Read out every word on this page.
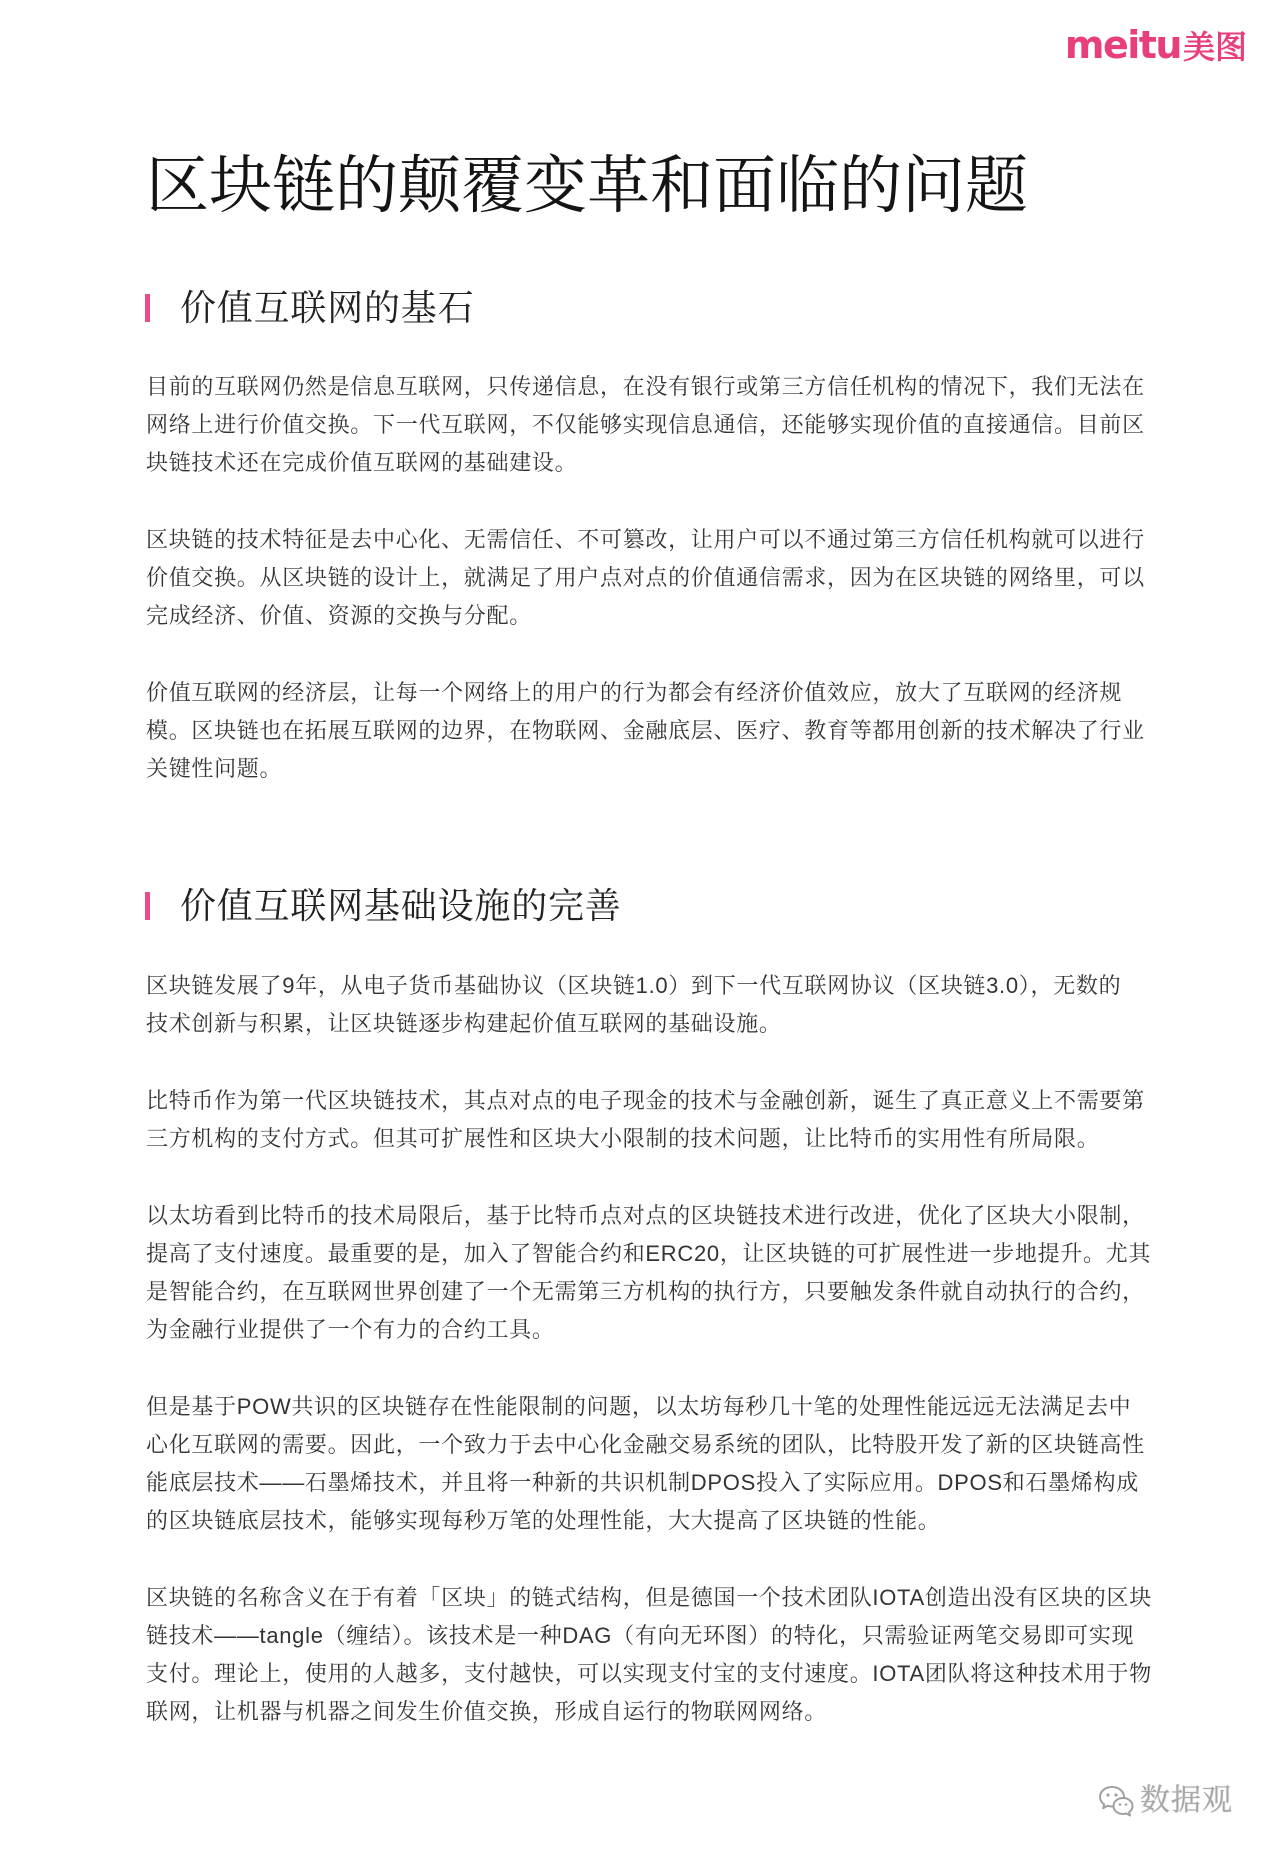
meitu 美图
区块链的颠覆变革和面临的问题
价值互联网的基石
目前的互联网仍然是信息互联网，只传递信息，在没有银行或第三方信任机构的情况下，我们无法在
网络上进行价值交换。下一代互联网，不仅能够实现信息通信，还能够实现价值的直接通信。目前区
块链技术还在完成价值互联网的基础建设。
区块链的技术特征是去中心化、无需信任、不可篡改，让用户可以不通过第三方信任机构就可以进行
价值交换。从区块链的设计上，就满足了用户点对点的价值通信需求，因为在区块链的网络里，可以
完成经济、价值、资源的交换与分配。
价值互联网的经济层，让每一个网络上的用户的行为都会有经济价值效应，放大了互联网的经济规
模。区块链也在拓展互联网的边界，在物联网、金融底层、医疗、教育等都用创新的技术解决了行业
关键性问题。
价值互联网基础设施的完善
区块链发展了9年，从电子货币基础协议（区块链1.0）到下一代互联网协议（区块链3.0），无数的
技术创新与积累，让区块链逐步构建起价值互联网的基础设施。
比特币作为第一代区块链技术，其点对点的电子现金的技术与金融创新，诞生了真正意义上不需要第
三方机构的支付方式。但其可扩展性和区块大小限制的技术问题，让比特币的实用性有所局限。
以太坊看到比特币的技术局限后，基于比特币点对点的区块链技术进行改进，优化了区块大小限制，
提高了支付速度。最重要的是，加入了智能合约和ERC20，让区块链的可扩展性进一步地提升。尤其
是智能合约，在互联网世界创建了一个无需第三方机构的执行方，只要触发条件就自动执行的合约，
为金融行业提供了一个有力的合约工具。
但是基于POW共识的区块链存在性能限制的问题，以太坊每秒几十笔的处理性能远远无法满足去中
心化互联网的需要。因此，一个致力于去中心化金融交易系统的团队，比特股开发了新的区块链高性
能底层技术——石墨烯技术，并且将一种新的共识机制DPOS投入了实际应用。DPOS和石墨烯构成
的区块链底层技术，能够实现每秒万笔的处理性能，大大提高了区块链的性能。
区块链的名称含义在于有着「区块」的链式结构，但是德国一个技术团队IOTA创造出没有区块的区块
链技术——tangle（缠结）。该技术是一种DAG（有向无环图）的特化，只需验证两笔交易即可实现
支付。理论上，使用的人越多，支付越快，可以实现支付宝的支付速度。IOTA团队将这种技术用于物
联网，让机器与机器之间发生价值交换，形成自运行的物联网网络。
数据观
